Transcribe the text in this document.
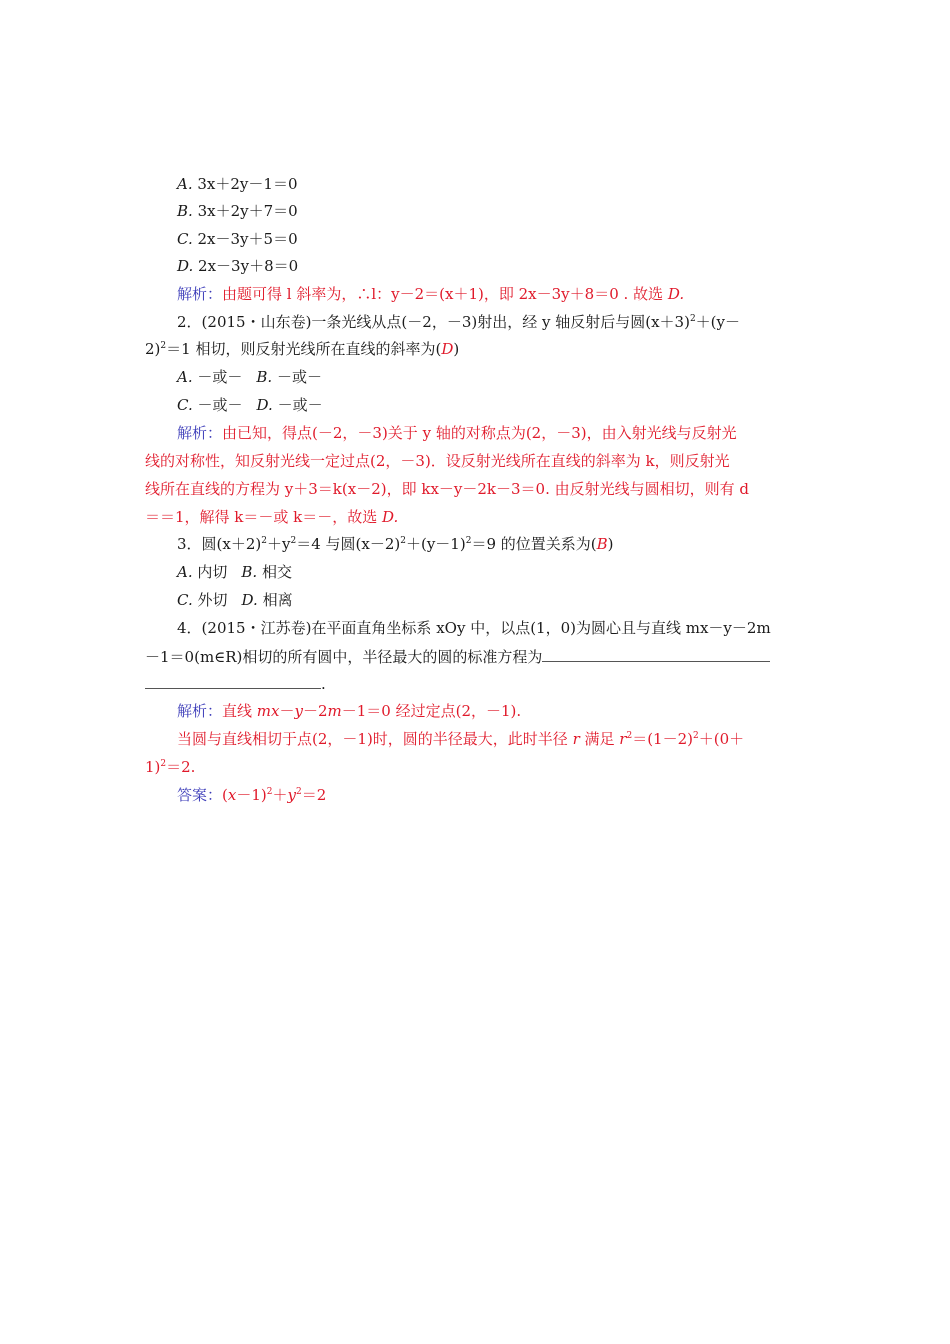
A. 3x＋2y－1＝0
B. 3x＋2y＋7＝0
C. 2x－3y＋5＝0
D. 2x－3y＋8＝0
解析：由题可得 l 斜率为，∴l：y－2＝(x＋1)，即 2x－3y＋8＝0 . 故选 D.
2．(2015・山东卷)一条光线从点(－2，－3)射出，经 y 轴反射后与圆$(x+3)^2+(y-$
2)$^2$＝1 相切，则反射光线所在直线的斜率为(D)
A. －或－ B. －或－
C. －或－ D. －或－
解析：由已知，得点(－2，－3)关于 y 轴的对称点为(2，－3)，由入射光线与反射光
线的对称性，知反射光线一定过点(2，－3)．设反射光线所在直线的斜率为 k，则反射光
线所在直线的方程为 y＋3＝k(x－2)，即 kx－y－2k－3＝0. 由反射光线与圆相切，则有 d
＝＝1，解得 k＝－或 k＝－，故选 D.
3．圆$(x+2)^2+y^2=4$ 与圆$(x-2)^2+(y-1)^2=9$ 的位置关系为(B)
A. 内切 B. 相交
C. 外切 D. 相离
4．(2015・江苏卷)在平面直角坐标系 xOy 中，以点(1，0)为圆心且与直线 mx－y－2m
－1＝0(m∈R)相切的所有圆中，半径最大的圆的标准方程为
.
解析：直线 mx－y－2m－1＝0 经过定点(2，－1).
当圆与直线相切于点(2，－1)时，圆的半径最大，此时半径 r 满足 $r^2=(1-2)^2+(0+$
1)$^2$＝2.
答案：$(x-1)^2+y^2=2$
